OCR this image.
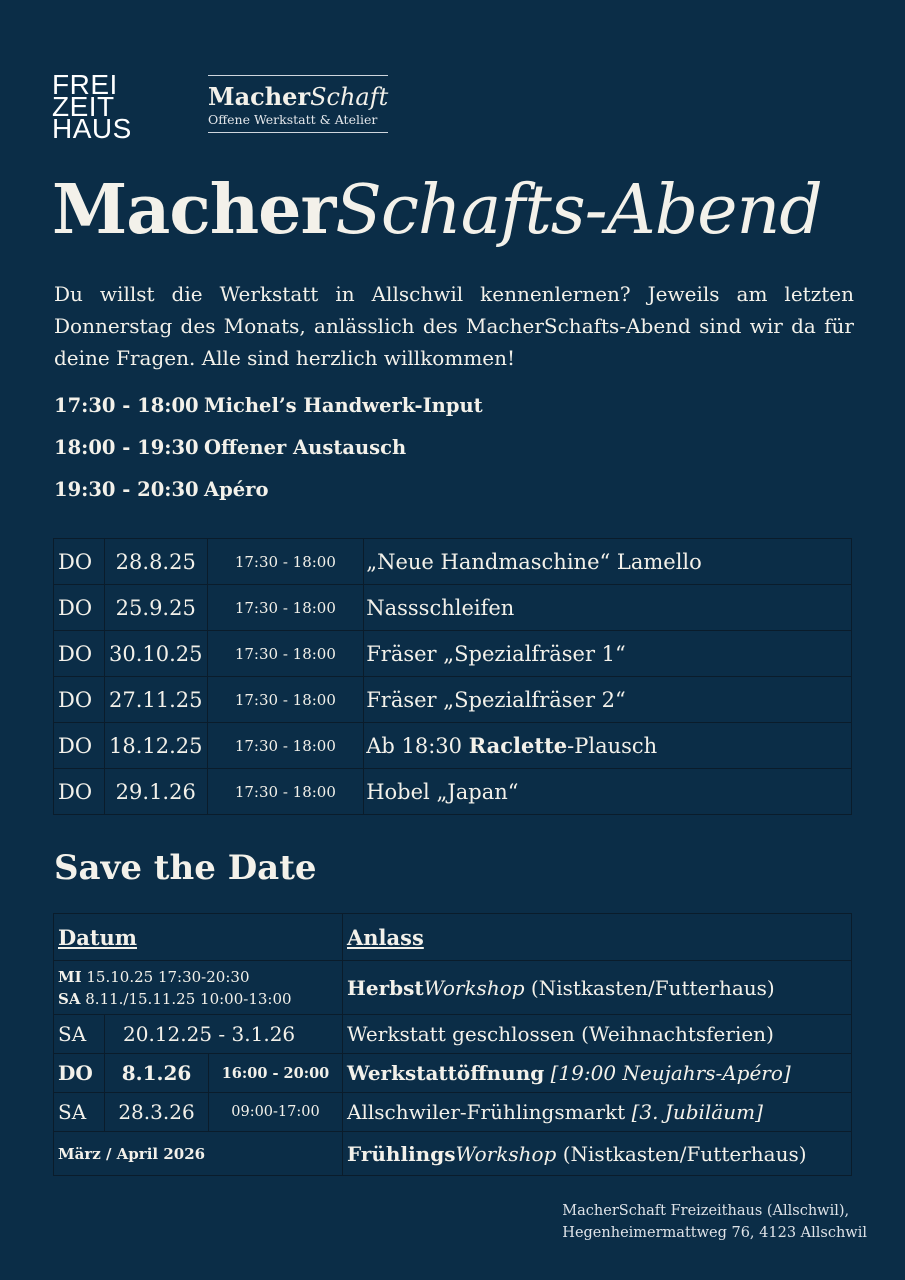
FREI
ZEIT
HAUS
MacherSchaft
Offene Werkstatt & Atelier
MacherSchafts-Abend
Du willst die Werkstatt in Allschwil kennenlernen? Jeweils am letzten Donnerstag des Monats, anlässlich des MacherSchafts-Abend sind wir da für deine Fragen. Alle sind herzlich willkommen!
17:30 - 18:00 Michel’s Handwerk-Input
18:00 - 19:30 Offener Austausch
19:30 - 20:30 Apéro
DO	28.8.25	17:30 - 18:00	„Neue Handmaschine“ Lamello
DO	25.9.25	17:30 - 18:00	Nassschleifen
DO	30.10.25	17:30 - 18:00	Fräser „Spezialfräser 1“
DO	27.11.25	17:30 - 18:00	Fräser „Spezialfräser 2“
DO	18.12.25	17:30 - 18:00	Ab 18:30 Raclette-Plausch
DO	29.1.26	17:30 - 18:00	Hobel „Japan“
Save the Date
Datum			Anlass

MI 15.10.25 17:30-20:30
SA 8.11./15.11.25 10:00-13:00			HerbstWorkshop (Nistkasten/Futterhaus)
SA	20.12.25 - 3.1.26		Werkstatt geschlossen (Weihnachtsferien)
DO	8.1.26	16:00 - 20:00	Werkstattöffnung [19:00 Neujahrs-Apéro]
SA	28.3.26	09:00-17:00	Allschwiler-Frühlingsmarkt [3. Jubiläum]
März / April 2026			FrühlingsWorkshop (Nistkasten/Futterhaus)
MacherSchaft Freizeithaus (Allschwil),
Hegenheimermattweg 76, 4123 Allschwil
